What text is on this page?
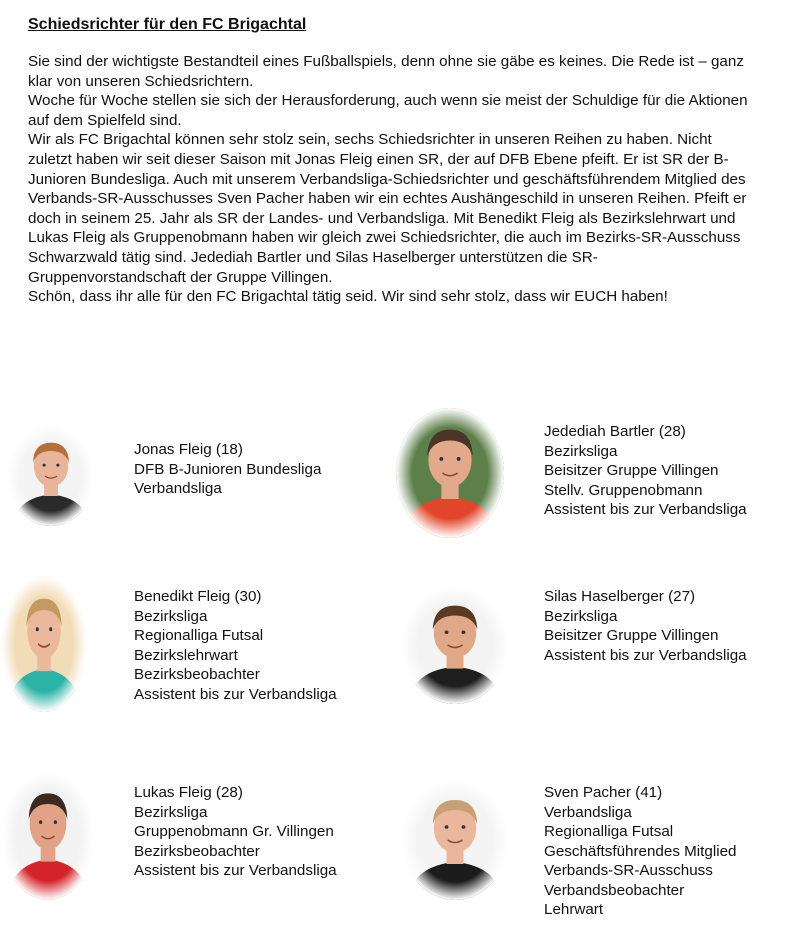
Schiedsrichter für den FC Brigachtal

Sie sind der wichtigste Bestandteil eines Fußballspiels, denn ohne sie gäbe es keines. Die Rede ist – ganz klar von unseren Schiedsrichtern.

Woche für Woche stellen sie sich der Herausforderung, auch wenn sie meist der Schuldige für die Aktionen auf dem Spielfeld sind.

Wir als FC Brigachtal können sehr stolz sein, sechs Schiedsrichter in unseren Reihen zu haben. Nicht zuletzt haben wir seit dieser Saison mit Jonas Fleig einen SR, der auf DFB Ebene pfeift. Er ist SR der B-Junioren Bundesliga. Auch mit unserem Verbandsliga-Schiedsrichter und geschäftsführendem Mitglied des Verbands-SR-Ausschusses Sven Pacher haben wir ein echtes Aushängeschild in unseren Reihen. Pfeift er doch in seinem 25. Jahr als SR der Landes- und Verbandsliga. Mit Benedikt Fleig als Bezirkslehrwart und Lukas Fleig als Gruppenobmann haben wir gleich zwei Schiedsrichter, die auch im Bezirks-SR-Ausschuss Schwarzwald tätig sind. Jedediah Bartler und Silas Haselberger unterstützen die SR-Gruppenvorstandschaft der Gruppe Villingen.

Schön, dass ihr alle für den FC Brigachtal tätig seid. Wir sind sehr stolz, dass wir EUCH haben!

Jonas Fleig (18)
DFB B-Junioren Bundesliga
Verbandsliga
Jedediah Bartler (28)
Bezirksliga
Beisitzer Gruppe Villingen
Stellv. Gruppenobmann
Assistent bis zur Verbandsliga
Benedikt Fleig (30)
Bezirksliga
Regionalliga Futsal
Bezirkslehrwart
Bezirksbeobachter
Assistent bis zur Verbandsliga
Silas Haselberger (27)
Bezirksliga
Beisitzer Gruppe Villingen
Assistent bis zur Verbandsliga
Lukas Fleig (28)
Bezirksliga
Gruppenobmann Gr. Villingen
Bezirksbeobachter
Assistent bis zur Verbandsliga
Sven Pacher (41)
Verbandsliga
Regionalliga Futsal
Geschäftsführendes Mitglied
Verbands-SR-Ausschuss
Verbandsbeobachter
Lehrwart
